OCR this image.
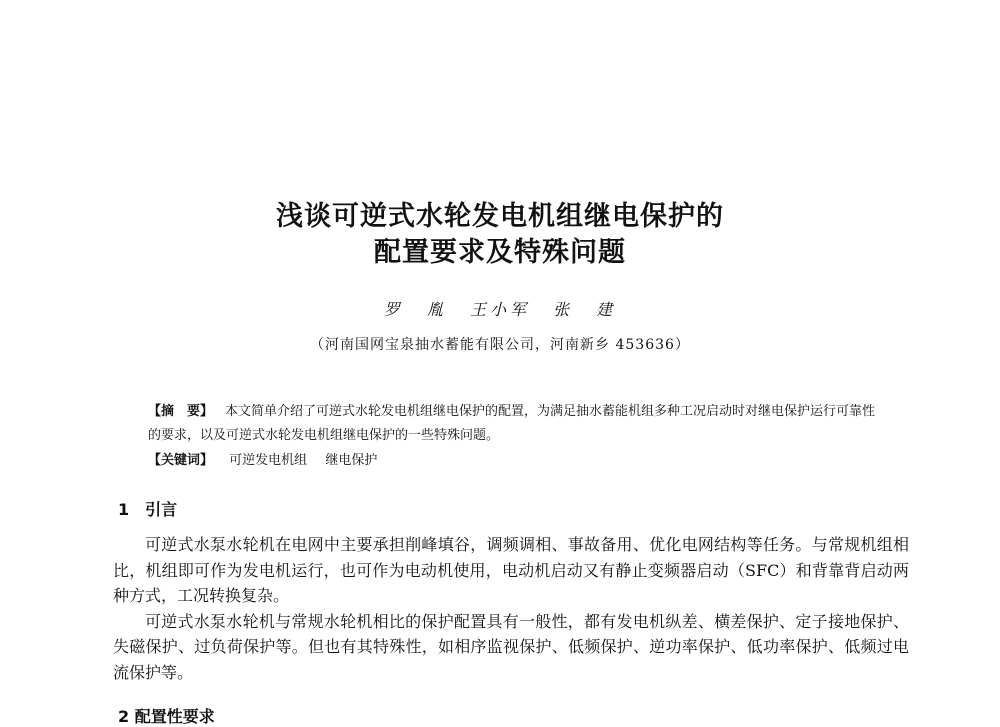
浅谈可逆式水轮发电机组继电保护的
配置要求及特殊问题
罗 胤 王小军 张 建
（河南国网宝泉抽水蓄能有限公司，河南新乡 453636）
【摘　要】 本文简单介绍了可逆式水轮发电机组继电保护的配置，为满足抽水蓄能机组多种工况启动时对继电保护运行可靠性的要求，以及可逆式水轮发电机组继电保护的一些特殊问题。
【关键词】 可逆发电机组 继电保护
1 引言

可逆式水泵水轮机在电网中主要承担削峰填谷，调频调相、事故备用、优化电网结构等任务。与常规机组相比，机组即可作为发电机运行，也可作为电动机使用，电动机启动又有静止变频器启动（SFC）和背靠背启动两种方式，工况转换复杂。

可逆式水泵水轮机与常规水轮机相比的保护配置具有一般性，都有发电机纵差、横差保护、定子接地保护、失磁保护、过负荷保护等。但也有其特殊性，如相序监视保护、低频保护、逆功率保护、低功率保护、低频过电流保护等。

2 配置性要求
